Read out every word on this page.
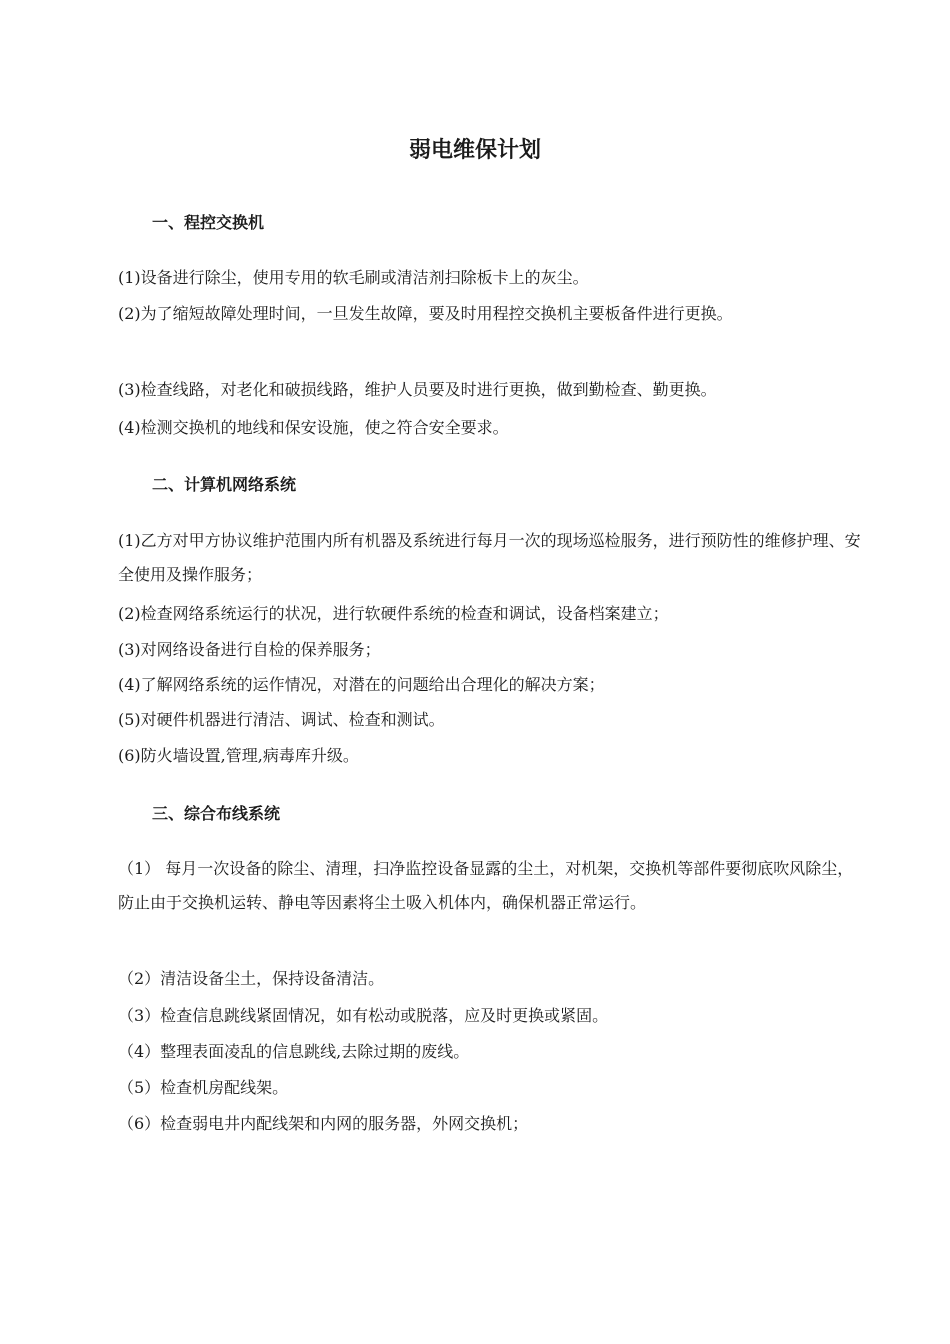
弱电维保计划
一、程控交换机

(1)设备进行除尘，使用专用的软毛刷或清洁剂扫除板卡上的灰尘。

(2)为了缩短故障处理时间，一旦发生故障，要及时用程控交换机主要板备件进行更换。

(3)检查线路，对老化和破损线路，维护人员要及时进行更换，做到勤检查、勤更换。

(4)检测交换机的地线和保安设施，使之符合安全要求。

二、计算机网络系统

(1)乙方对甲方协议维护范围内所有机器及系统进行每月一次的现场巡检服务，进行预防性的维修护理、安全使用及操作服务；

(2)检查网络系统运行的状况，进行软硬件系统的检查和调试，设备档案建立；

(3)对网络设备进行自检的保养服务；

(4)了解网络系统的运作情况，对潜在的问题给出合理化的解决方案；

(5)对硬件机器进行清洁、调试、检查和测试。

(6)防火墙设置,管理,病毒库升级。

三、综合布线系统

（1） 每月一次设备的除尘、清理，扫净监控设备显露的尘土，对机架，交换机等部件要彻底吹风除尘，防止由于交换机运转、静电等因素将尘土吸入机体内，确保机器正常运行。

（2）清洁设备尘土，保持设备清洁。

（3）检查信息跳线紧固情况，如有松动或脱落，应及时更换或紧固。

（4）整理表面凌乱的信息跳线,去除过期的废线。

（5）检查机房配线架。

（6）检查弱电井内配线架和内网的服务器，外网交换机；
